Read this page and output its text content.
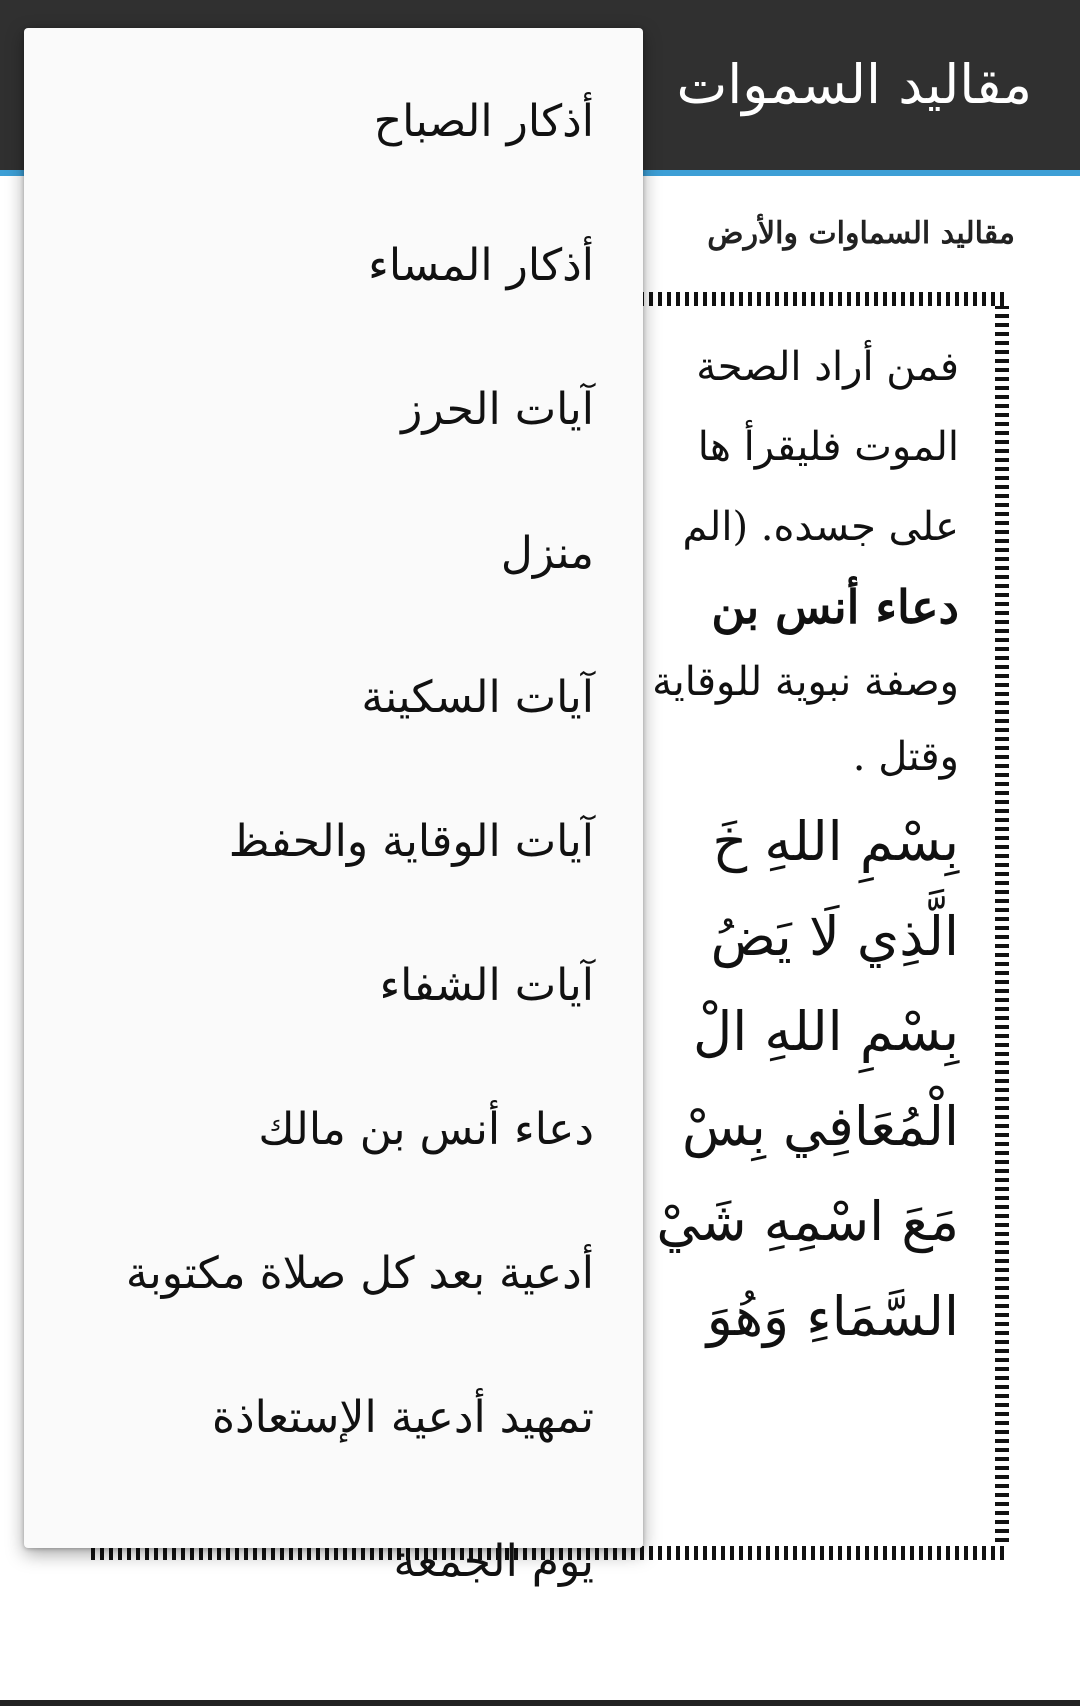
مقاليد السموات
مقاليد السماوات والأرض
فمن أراد الصحة
الموت فليقرأ ها
على جسده. (الم
دعاء أنس بن
وصفة نبوية للوقاية
وقتل .
بِسْمِ اللهِ خَ
الَّذِي لَا يَضُ
بِسْمِ اللهِ الْ
الْمُعَافِي بِسْ
مَعَ اسْمِهِ شَيْ
السَّمَاءِ وَهُوَ
أذكار الصباح
أذكار المساء
آيات الحرز
منزل
آيات السكينة
آيات الوقاية والحفظ
آيات الشفاء
دعاء أنس بن مالك
أدعية بعد كل صلاة مكتوبة
تمهيد أدعية الإستعاذة
يوم الجمعة
